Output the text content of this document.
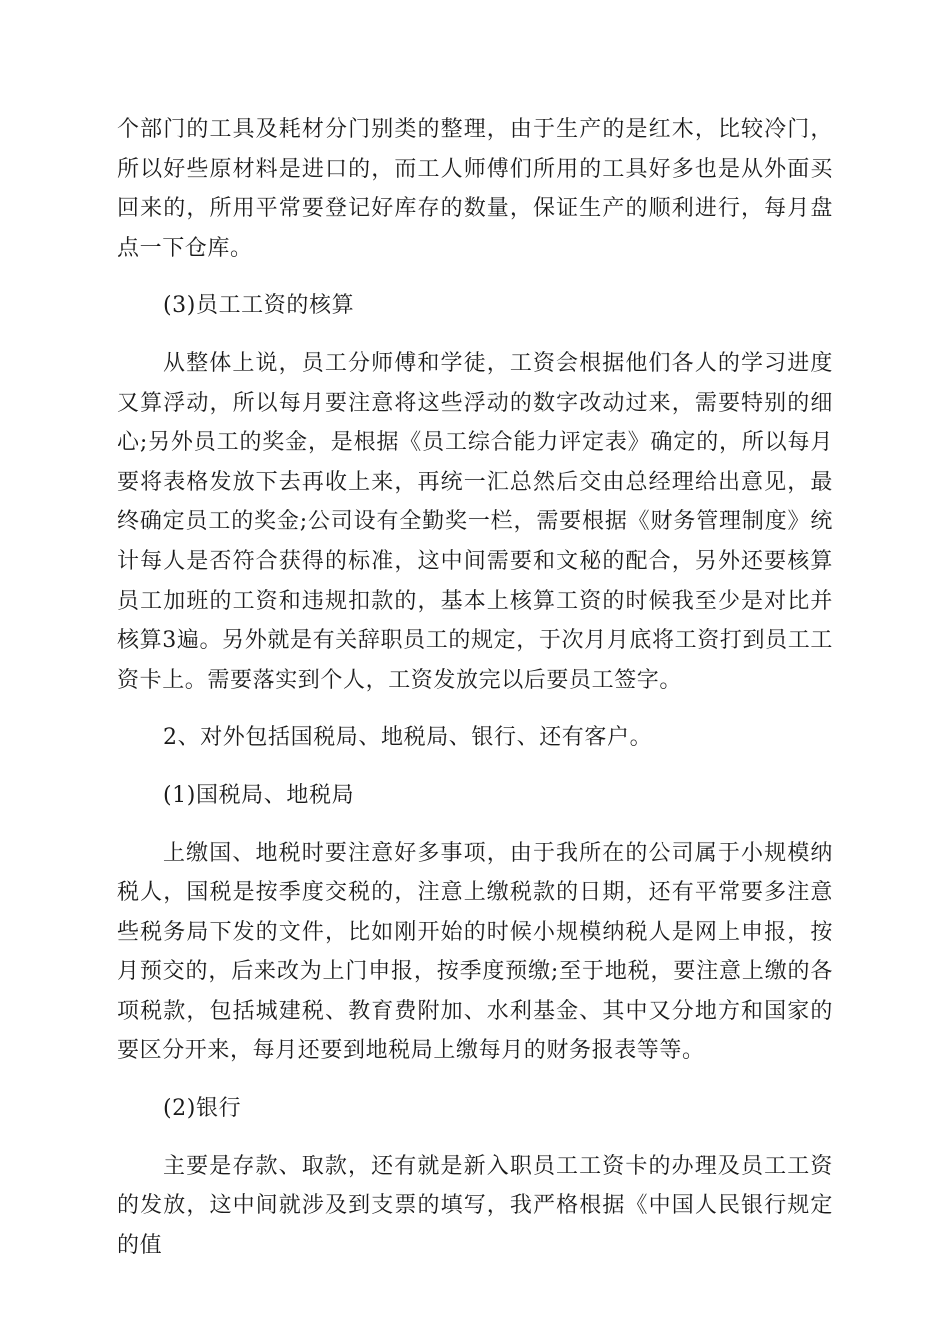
个部门的工具及耗材分门别类的整理，由于生产的是红木，比较冷门，所以好些原材料是进口的，而工人师傅们所用的工具好多也是从外面买回来的，所用平常要登记好库存的数量，保证生产的顺利进行，每月盘点一下仓库。

(3)员工工资的核算

从整体上说，员工分师傅和学徒，工资会根据他们各人的学习进度又算浮动，所以每月要注意将这些浮动的数字改动过来，需要特别的细心;另外员工的奖金，是根据《员工综合能力评定表》确定的，所以每月要将表格发放下去再收上来，再统一汇总然后交由总经理给出意见，最终确定员工的奖金;公司设有全勤奖一栏，需要根据《财务管理制度》统计每人是否符合获得的标准，这中间需要和文秘的配合，另外还要核算员工加班的工资和违规扣款的，基本上核算工资的时候我至少是对比并核算3遍。另外就是有关辞职员工的规定，于次月月底将工资打到员工工资卡上。需要落实到个人，工资发放完以后要员工签字。

2、对外包括国税局、地税局、银行、还有客户。

(1)国税局、地税局

上缴国、地税时要注意好多事项，由于我所在的公司属于小规模纳税人，国税是按季度交税的，注意上缴税款的日期，还有平常要多注意些税务局下发的文件，比如刚开始的时候小规模纳税人是网上申报，按月预交的，后来改为上门申报，按季度预缴;至于地税，要注意上缴的各项税款，包括城建税、教育费附加、水利基金、其中又分地方和国家的要区分开来，每月还要到地税局上缴每月的财务报表等等。

(2)银行

主要是存款、取款，还有就是新入职员工工资卡的办理及员工工资的发放，这中间就涉及到支票的填写，我严格根据《中国人民银行规定的值
